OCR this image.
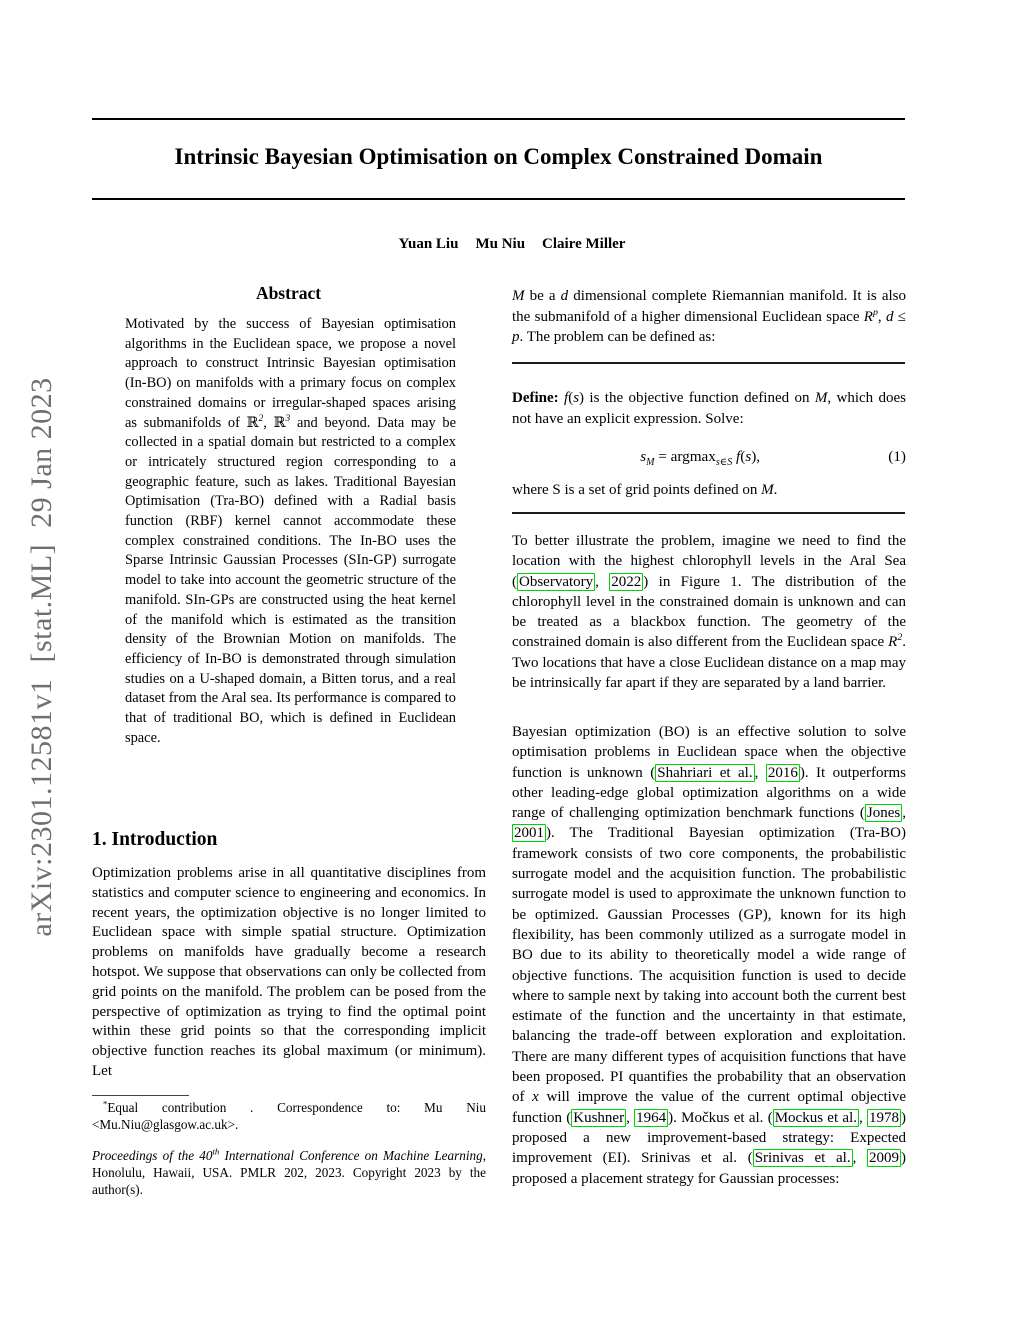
arXiv:2301.12581v1  [stat.ML]  29 Jan 2023
Intrinsic Bayesian Optimisation on Complex Constrained Domain
Yuan Liu Mu Niu Claire Miller
Abstract
Motivated by the success of Bayesian optimisation algorithms in the Euclidean space, we propose a novel approach to construct Intrinsic Bayesian optimisation (In-BO) on manifolds with a primary focus on complex constrained domains or irregular-shaped spaces arising as submanifolds of ℝ$^2$, ℝ$^3$ and beyond. Data may be collected in a spatial domain but restricted to a complex or intricately structured region corresponding to a geographic feature, such as lakes. Traditional Bayesian Optimisation (Tra-BO) defined with a Radial basis function (RBF) kernel cannot accommodate these complex constrained conditions. The In-BO uses the Sparse Intrinsic Gaussian Processes (SIn-GP) surrogate model to take into account the geometric structure of the manifold. SIn-GPs are constructed using the heat kernel of the manifold which is estimated as the transition density of the Brownian Motion on manifolds. The efficiency of In-BO is demonstrated through simulation studies on a U-shaped domain, a Bitten torus, and a real dataset from the Aral sea. Its performance is compared to that of traditional BO, which is defined in Euclidean space.
1. Introduction
Optimization problems arise in all quantitative disciplines from statistics and computer science to engineering and economics. In recent years, the optimization objective is no longer limited to Euclidean space with simple spatial structure. Optimization problems on manifolds have gradually become a research hotspot. We suppose that observations can only be collected from grid points on the manifold. The problem can be posed from the perspective of optimization as trying to find the optimal point within these grid points so that the corresponding implicit objective function reaches its global maximum (or minimum). Let
*Equal contribution . Correspondence to: Mu Niu <Mu.Niu@glasgow.ac.uk>.
Proceedings of the 40th International Conference on Machine Learning, Honolulu, Hawaii, USA. PMLR 202, 2023. Copyright 2023 by the author(s).
M be a d dimensional complete Riemannian manifold. It is also the submanifold of a higher dimensional Euclidean space $R^p$, d ≤ p. The problem can be defined as:
Define: f(s) is the objective function defined on M, which does not have an explicit expression. Solve:
$s_M = argmax_{s\in S}$ f(s),	(1)
where S is a set of grid points defined on M.
To better illustrate the problem, imagine we need to find the location with the highest chlorophyll levels in the Aral Sea ( Observatory , 2022 ) in Figure 1. The distribution of the chlorophyll level in the constrained domain is unknown and can be treated as a blackbox function. The geometry of the constrained domain is also different from the Euclidean space $R^2$. Two locations that have a close Euclidean distance on a map may be intrinsically far apart if they are separated by a land barrier.
Bayesian optimization (BO) is an effective solution to solve optimisation problems in Euclidean space when the objective function is unknown ( Shahriari et al. , 2016 ). It outperforms other leading-edge global optimization algorithms on a wide range of challenging optimization benchmark functions ( Jones , 2001 ). The Traditional Bayesian optimization (Tra-BO) framework consists of two core components, the probabilistic surrogate model and the acquisition function. The probabilistic surrogate model is used to approximate the unknown function to be optimized. Gaussian Processes (GP), known for its high flexibility, has been commonly utilized as a surrogate model in BO due to its ability to theoretically model a wide range of objective functions. The acquisition function is used to decide where to sample next by taking into account both the current best estimate of the function and the uncertainty in that estimate, balancing the trade-off between exploration and exploitation. There are many different types of acquisition functions that have been proposed. PI quantifies the probability that an observation of x will improve the value of the current optimal objective function ( Kushner , 1964 ). Močkus et al. ( Mockus et al. , 1978 ) proposed a new improvement-based strategy: Expected improvement (EI). Srinivas et al. ( Srinivas et al. , 2009 ) proposed a placement strategy for Gaussian processes:
